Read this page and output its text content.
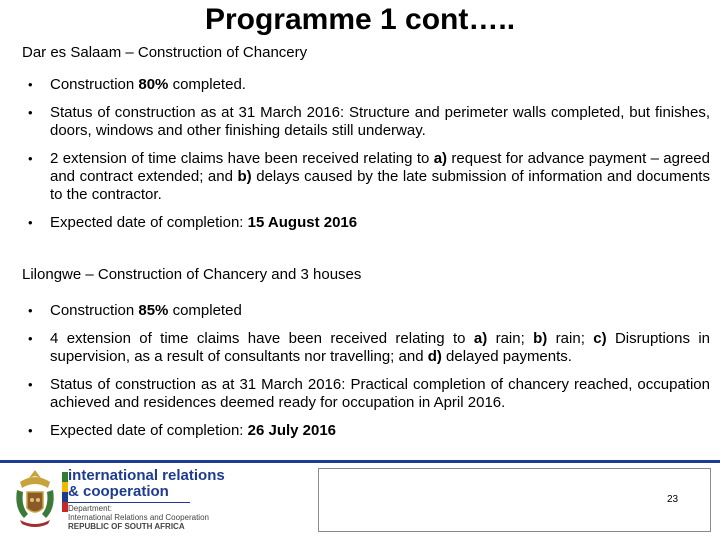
Programme 1 cont…..
Dar es Salaam – Construction of Chancery
• Construction 80% completed.
• Status of construction as at 31 March 2016: Structure and perimeter walls completed, but finishes, doors, windows and other finishing details still underway.
• 2 extension of time claims have been received relating to a) request for advance payment – agreed and contract extended; and b) delays caused by the late submission of information and documents to the contractor.
• Expected date of completion: 15 August 2016
Lilongwe – Construction of Chancery and 3 houses
• Construction 85% completed
• 4 extension of time claims have been received relating to a) rain; b) rain; c) Disruptions in supervision, as a result of consultants nor travelling; and d) delayed payments.
• Status of construction as at 31 March 2016: Practical completion of chancery reached, occupation achieved and residences deemed ready for occupation in April 2016.
• Expected date of completion: 26 July 2016
international relations
& cooperation
Department:
International Relations and Cooperation
REPUBLIC OF SOUTH AFRICA
23
